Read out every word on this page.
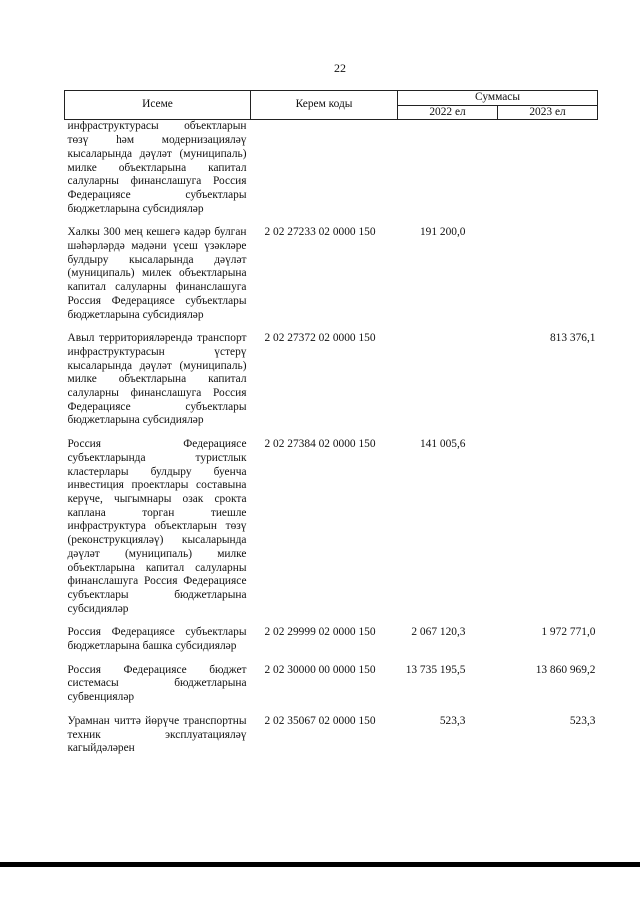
22
Исеме	Керем коды	Суммасы	
		2022 ел	2023 ел
инфраструктурасы объектларын төзү һәм модернизацияләү кысаларында дәүләт (муниципаль) милке объектларына капитал салуларны финанслашуга Россия Федерациясе субъектлары бюджетларына субсидияләр			
Халкы 300 мең кешегә кадәр булган шәһәрләрдә мәдәни үсеш үзәкләре булдыру кысаларында дәүләт (муниципаль) милек объектларына капитал салуларны финанслашуга Россия Федерациясе субъектлары бюджетларына субсидияләр	2 02 27233 02 0000 150	191 200,0	
Авыл территорияләрендә транспорт инфраструктурасын үстерү кысаларында дәүләт (муниципаль) милке объектларына капитал салуларны финанслашуга Россия Федерациясе субъектлары бюджетларына субсидияләр	2 02 27372 02 0000 150		813 376,1
Россия Федерациясе субъектларында туристлык кластерлары булдыру буенча инвестиция проектлары составына керүче, чыгымнары озак срокта каплана торган тиешле инфраструктура объектларын төзү (реконструкцияләү) кысаларында дәүләт (муниципаль) милке объектларына капитал салуларны финанслашуга Россия Федерациясе субъектлары бюджетларына субсидияләр	2 02 27384 02 0000 150	141 005,6	
Россия Федерациясе субъектлары бюджетларына башка субсидияләр	2 02 29999 02 0000 150	2 067 120,3	1 972 771,0
Россия Федерациясе бюджет системасы бюджетларына субвенцияләр	2 02 30000 00 0000 150	13 735 195,5	13 860 969,2
Урамнан читтә йөрүче транспортны техник эксплуатацияләү кагыйдәләрен	2 02 35067 02 0000 150	523,3	523,3
